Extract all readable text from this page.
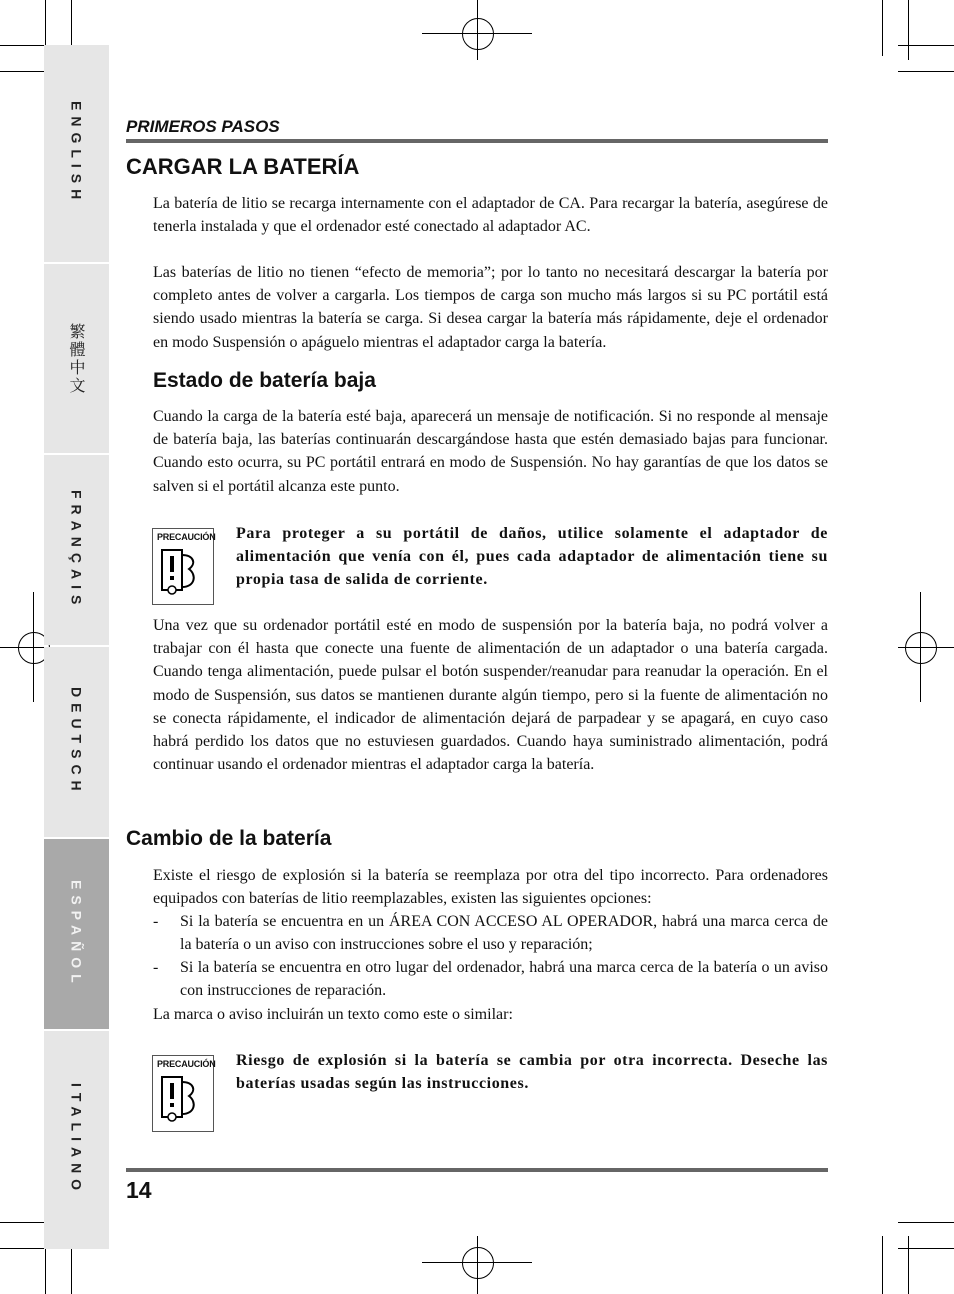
ENGLISH
繁體中文
FRANÇAIS
DEUTSCH
ESPAÑOL
ITALIANO
PRIMEROS PASOS
CARGAR LA BATERÍA

La batería de litio se recarga internamente con el adaptador de CA. Para recargar la batería, asegúrese de tenerla instalada y que el ordenador esté conectado al adaptador AC.

Las baterías de litio no tienen “efecto de memoria”; por lo tanto no necesitará descargar la batería por completo antes de volver a cargarla. Los tiempos de carga son mucho más largos si su PC portátil está siendo usado mientras la batería se carga. Si desea cargar la batería más rápidamente, deje el ordenador en modo Suspensión o apáguelo mientras el adaptador carga la batería.

Estado de batería baja

Cuando la carga de la batería esté baja, aparecerá un mensaje de notificación. Si no responde al mensaje de batería baja, las baterías continuarán descargándose hasta que estén demasiado bajas para funcionar. Cuando esto ocurra, su PC portátil entrará en modo de Suspensión. No hay garantías de que los datos se salven si el portátil alcanza este punto.

PRECAUCIÓN Para proteger a su portátil de daños, utilice solamente el adaptador de alimentación que venía con él, pues cada adaptador de alimentación tiene su propia tasa de salida de corriente.

Una vez que su ordenador portátil esté en modo de suspensión por la batería baja, no podrá volver a trabajar con él hasta que conecte una fuente de alimentación de un adaptador o una batería cargada. Cuando tenga alimentación, puede pulsar el botón suspender/reanudar para reanudar la operación. En el modo de Suspensión, sus datos se mantienen durante algún tiempo, pero si la fuente de alimentación no se conecta rápidamente, el indicador de alimentación dejará de parpadear y se apagará, en cuyo caso habrá perdido los datos que no estuviesen guardados. Cuando haya suministrado alimentación, podrá continuar usando el ordenador mientras el adaptador carga la batería.

Cambio de la batería

Existe el riesgo de explosión si la batería se reemplaza por otra del tipo incorrecto. Para ordenadores equipados con baterías de litio reemplazables, existen las siguientes opciones:

- Si la batería se encuentra en un ÁREA CON ACCESO AL OPERADOR, habrá una marca cerca de la batería o un aviso con instrucciones sobre el uso y reparación;
- Si la batería se encuentra en otro lugar del ordenador, habrá una marca cerca de la batería o un aviso con instrucciones de reparación.

La marca o aviso incluirán un texto como este o similar:

PRECAUCIÓN Riesgo de explosión si la batería se cambia por otra incorrecta. Deseche las baterías usadas según las instrucciones.
14
